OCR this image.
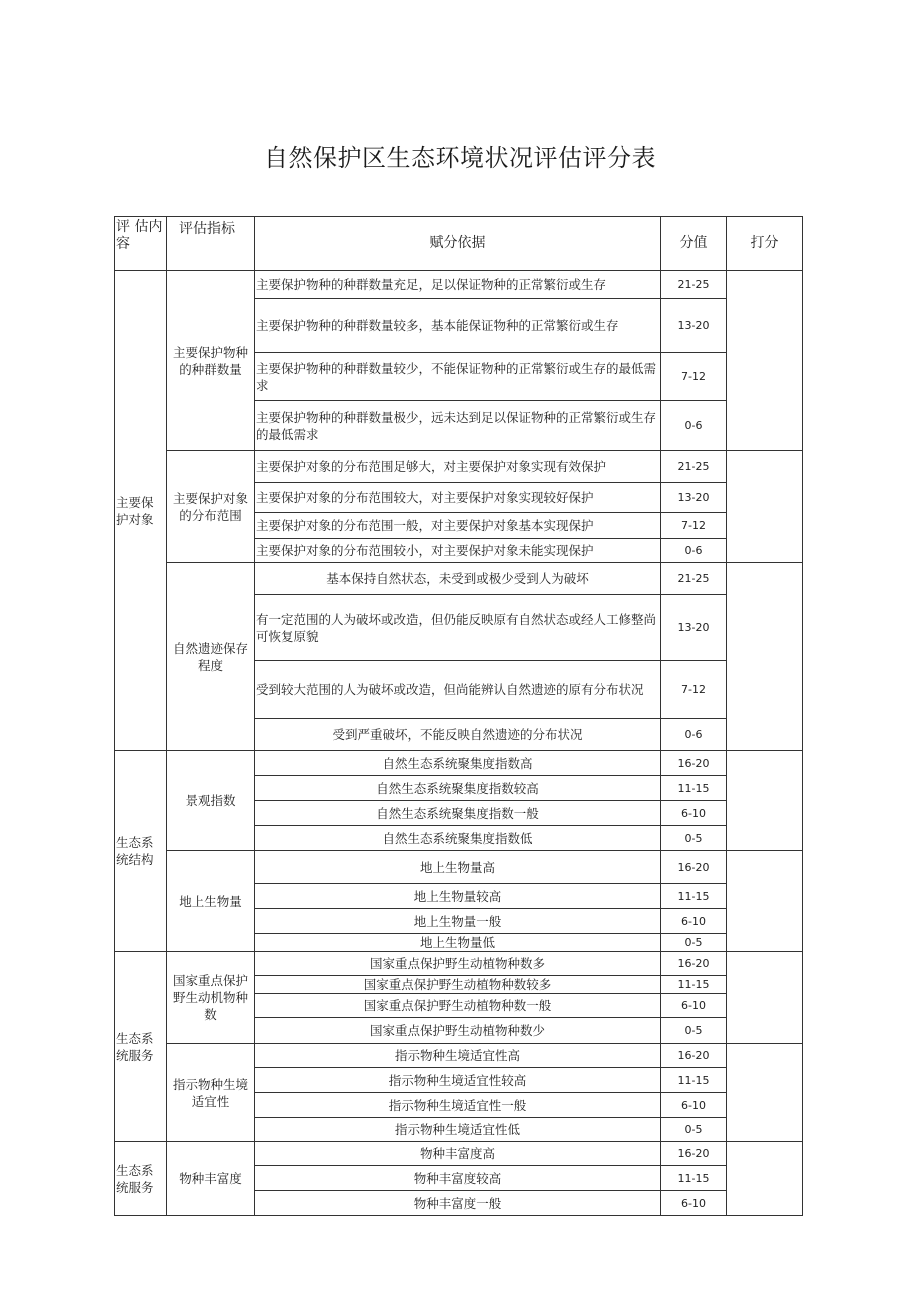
自然保护区生态环境状况评估评分表
评 估内容	评估指标	赋分依据	分值	打分
主要保护对象	主要保护物种的种群数量	主要保护物种的种群数量充足，足以保证物种的正常繁衍或生存	21-25	
		主要保护物种的种群数量较多，基本能保证物种的正常繁衍或生存	13-20	
		主要保护物种的种群数量较少，不能保证物种的正常繁衍或生存的最低需求	7-12	
		主要保护物种的种群数量极少，远未达到足以保证物种的正常繁衍或生存的最低需求	0-6	
	主要保护对象的分布范围	主要保护对象的分布范围足够大，对主要保护对象实现有效保护	21-25	
		主要保护对象的分布范围较大，对主要保护对象实现较好保护	13-20	
		主要保护对象的分布范围一般，对主要保护对象基本实现保护	7-12	
		主要保护对象的分布范围较小，对主要保护对象未能实现保护	0-6	
	自然遗迹保存程度	基本保持自然状态，未受到或极少受到人为破坏	21-25	
		有一定范围的人为破坏或改造，但仍能反映原有自然状态或经人工修整尚可恢复原貌	13-20	
		受到较大范围的人为破坏或改造，但尚能辨认自然遗迹的原有分布状况	7-12	
		受到严重破坏，不能反映自然遗迹的分布状况	0-6	
生态系统结构	景观指数	自然生态系统聚集度指数高	16-20	
		自然生态系统聚集度指数较高	11-15	
		自然生态系统聚集度指数一般	6-10	
		自然生态系统聚集度指数低	0-5	
	地上生物量	地上生物量高	16-20	
		地上生物量较高	11-15	
		地上生物量一般	6-10	
		地上生物量低	0-5	
生态系统服务	国家重点保护野生动机物种数	国家重点保护野生动植物种数多	16-20	
		国家重点保护野生动植物种数较多	11-15	
		国家重点保护野生动植物种数一般	6-10	
		国家重点保护野生动植物种数少	0-5	
	指示物种生境适宜性	指示物种生境适宜性高	16-20	
		指示物种生境适宜性较高	11-15	
		指示物种生境适宜性一般	6-10	
		指示物种生境适宜性低	0-5	
生态系统服务	物种丰富度	物种丰富度高	16-20	
		物种丰富度较高	11-15	
		物种丰富度一般	6-10	
